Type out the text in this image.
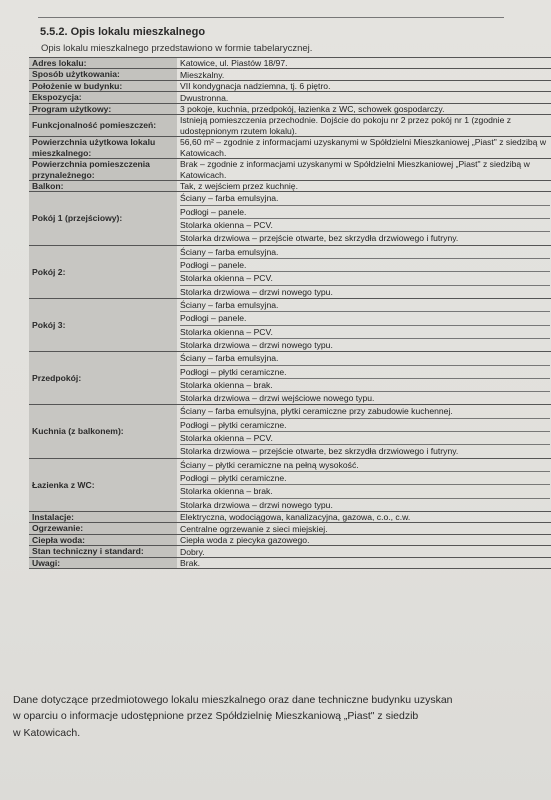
5.5.2. Opis lokalu mieszkalnego
Opis lokalu mieszkalnego przedstawiono w formie tabelarycznej.
Adres lokalu:	Katowice, ul. Piastów 18/97.

Sposób użytkowania:	Mieszkalny.

Położenie w budynku:	VII kondygnacja nadziemna, tj. 6 piętro.

Ekspozycja:	Dwustronna.

Program użytkowy:	3 pokoje, kuchnia, przedpokój, łazienka z WC, schowek gospodarczy.

Funkcjonalność pomieszczeń:	Istnieją pomieszczenia przechodnie. Dojście do pokoju nr 2 przez pokój nr 1 (zgodnie z udostępnionym rzutem lokalu).

Powierzchnia użytkowa lokalu mieszkalnego:	56,60 m² – zgodnie z informacjami uzyskanymi w Spółdzielni Mieszkaniowej „Piast" z siedzibą w Katowicach.

Powierzchnia pomieszczenia przynależnego:	Brak – zgodnie z informacjami uzyskanymi w Spółdzielni Mieszkaniowej „Piast" z siedzibą w Katowicach.

Balkon:	Tak, z wejściem przez kuchnię.

Pokój 1 (przejściowy):	Ściany – farba emulsyjna.
Podłogi – panele.
Stolarka okienna – PCV.
Stolarka drzwiowa – przejście otwarte, bez skrzydła drzwiowego i futryny.

Pokój 2:	Ściany – farba emulsyjna.
Podłogi – panele.
Stolarka okienna – PCV.
Stolarka drzwiowa – drzwi nowego typu.

Pokój 3:	Ściany – farba emulsyjna.
Podłogi – panele.
Stolarka okienna – PCV.
Stolarka drzwiowa – drzwi nowego typu.

Przedpokój:	Ściany – farba emulsyjna.
Podłogi – płytki ceramiczne.
Stolarka okienna – brak.
Stolarka drzwiowa – drzwi wejściowe nowego typu.

Kuchnia (z balkonem):	Ściany – farba emulsyjna, płytki ceramiczne przy zabudowie kuchennej.
Podłogi – płytki ceramiczne.
Stolarka okienna – PCV.
Stolarka drzwiowa – przejście otwarte, bez skrzydła drzwiowego i futryny.

Łazienka z WC:	Ściany – płytki ceramiczne na pełną wysokość.
Podłogi – płytki ceramiczne.
Stolarka okienna – brak.
Stolarka drzwiowa – drzwi nowego typu.

Instalacje:	Elektryczna, wodociągowa, kanalizacyjna, gazowa, c.o., c.w.

Ogrzewanie:	Centralne ogrzewanie z sieci miejskiej.

Ciepła woda:	Ciepła woda z piecyka gazowego.

Stan techniczny i standard:	Dobry.

Uwagi:	Brak.
Dane dotyczące przedmiotowego lokalu mieszkalnego oraz dane techniczne budynku uzyskan
w oparciu o informacje udostępnione przez Spółdzielnię Mieszkaniową „Piast" z siedzib
w Katowicach.
